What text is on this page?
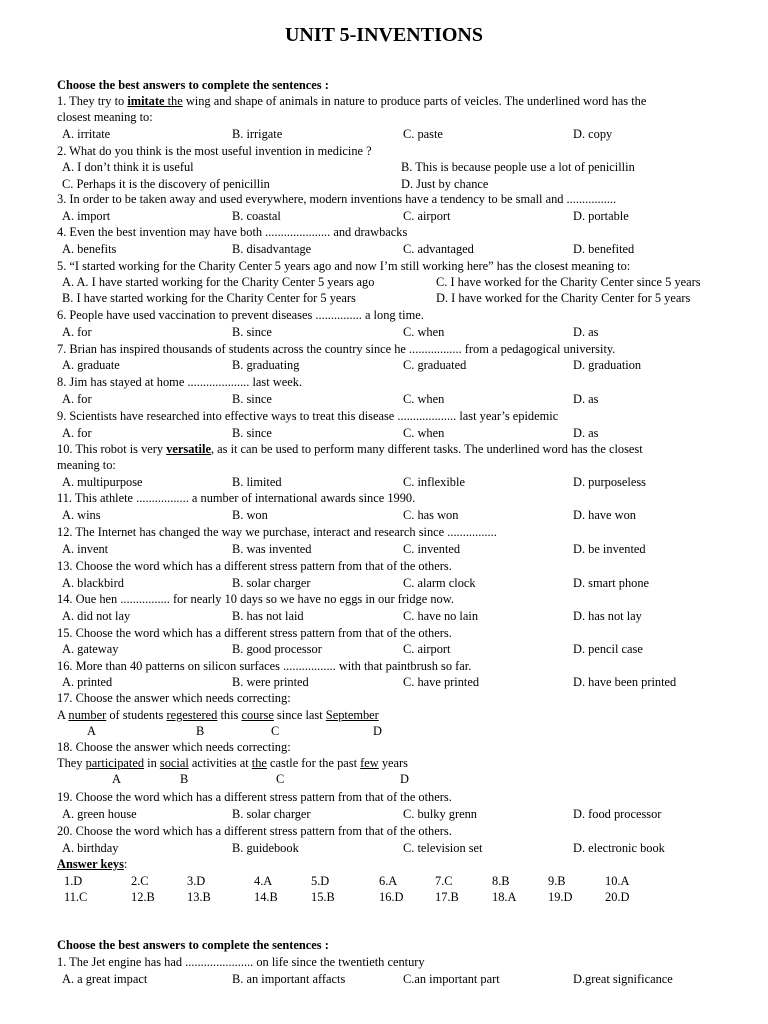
UNIT 5-INVENTIONS
Choose the best answers to complete the sentences :
1. They try to imitate the wing and shape of animals in nature to produce parts of veicles. The underlined word has the
closest meaning to:
A. irritate	B. irrigate	C. paste	D. copy
2. What do you think is the most useful invention in medicine ?
A. I don’t think it is useful	B. This is because people use a lot of penicillin
C. Perhaps it is the discovery of penicillin	D. Just by chance
3. In order to be taken away and used everywhere, modern inventions have a tendency to be small and ................
A. import	B. coastal	C. airport	D. portable
4. Even the best invention may have both ..................... and drawbacks
A. benefits	B. disadvantage	C. advantaged	D. benefited
5. “I started working for the Charity Center 5 years ago and now I’m still working here” has the closest meaning to:
A. A. I have started working for the Charity Center 5 years ago	C. I have worked for the Charity Center since 5 years
B. I have started working for the Charity Center for 5 years	D. I have worked for the Charity Center for 5 years
6. People have used vaccination to prevent diseases ............... a long time.
A. for	B. since	C. when	D. as
7. Brian has inspired thousands of students across the country since he ................. from a pedagogical university.
A. graduate	B. graduating	C. graduated	D. graduation
8. Jim has stayed at home .................... last week.
A. for	B. since	C. when	D. as
9. Scientists have researched into effective ways to treat this disease ................... last year’s epidemic
A. for	B. since	C. when	D. as
10. This robot is very versatile, as it can be used to perform many different tasks. The underlined word has the closest
meaning to:
A. multipurpose	B. limited	C. inflexible	D. purposeless
11. This athlete ................. a number of international awards since 1990.
A. wins	B. won	C. has won	D. have won
12. The Internet has changed the way we purchase, interact and research since ................
A. invent	B. was invented	C. invented	D. be invented
13. Choose the word which has a different stress pattern from that of the others.
A. blackbird	B. solar charger	C. alarm clock	D. smart phone
14. Oue hen ................ for nearly 10 days so we have no eggs in our fridge now.
A. did not lay	B. has not laid	C. have no lain	D. has not lay
15. Choose the word which has a different stress pattern from that of the others.
A. gateway	B. good processor	C. airport	D. pencil case
16. More than 40 patterns on silicon surfaces ................. with that paintbrush so far.
A. printed	B. were printed	C. have printed	D. have been printed
17. Choose the answer which needs correcting:
A number of students regestered this course since last September
A	B	C	D
18. Choose the answer which needs correcting:
They participated in social activities at the castle for the past few years
A	B	C	D
19. Choose the word which has a different stress pattern from that of the others.
A. green house	B. solar charger	C. bulky grenn	D. food processor
20. Choose the word which has a different stress pattern from that of the others.
A. birthday	B. guidebook	C. television set	D. electronic book
Answer keys:
1.D	2.C	3.D	4.A	5.D	6.A	7.C	8.B	9.B	10.A
11.C	12.B	13.B	14.B	15.B	16.D	17.B	18.A	19.D	20.D
Choose the best answers to complete the sentences :
1. The Jet engine has had ...................... on life since the twentieth century
A. a great impact	B. an important affacts	C.an important part	D.great significance
